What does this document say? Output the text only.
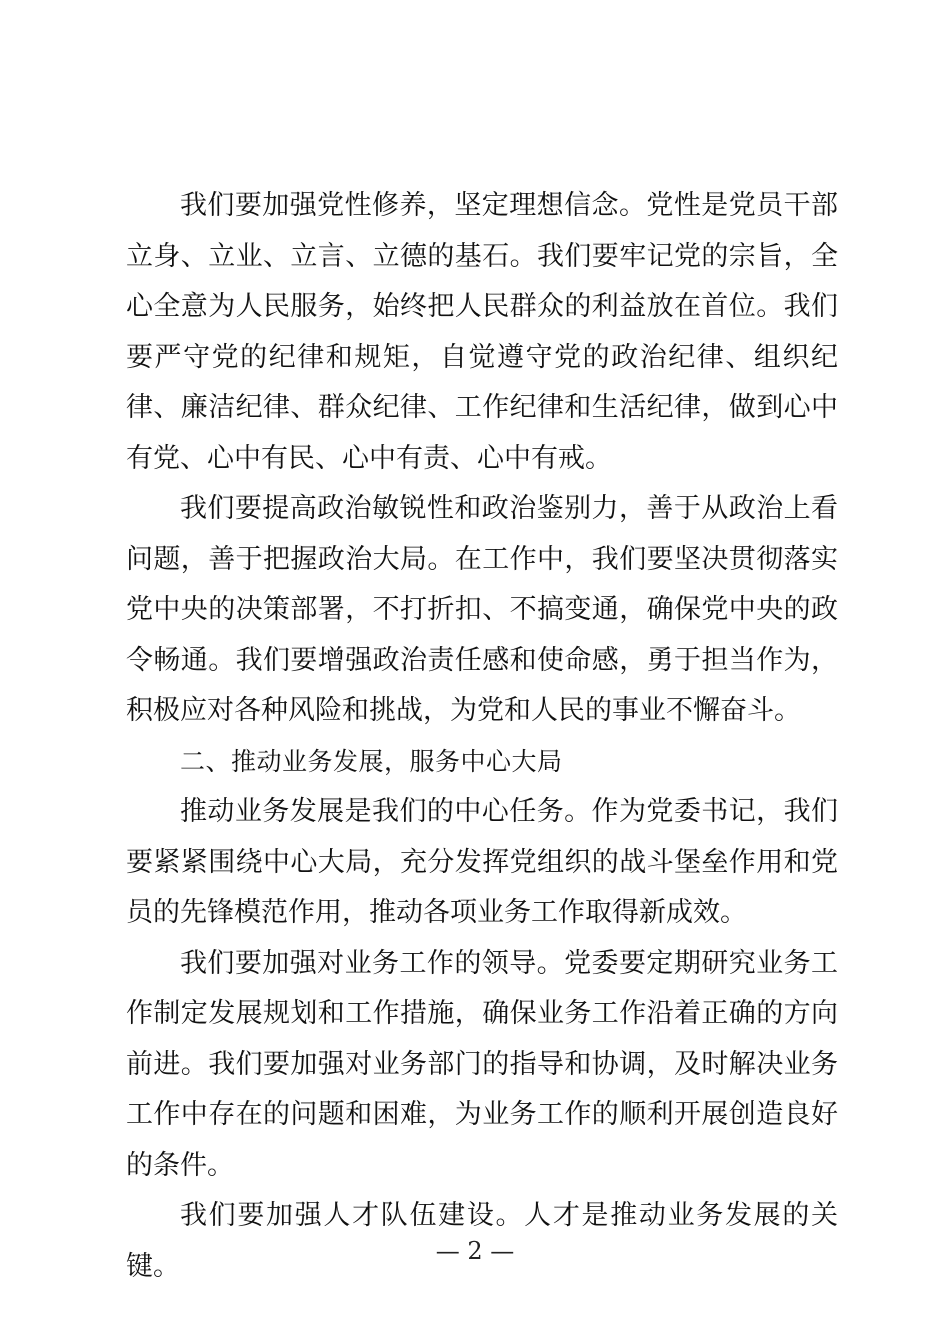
我们要加强党性修养，坚定理想信念。党性是党员干部立身、立业、立言、立德的基石。我们要牢记党的宗旨，全心全意为人民服务，始终把人民群众的利益放在首位。我们要严守党的纪律和规矩，自觉遵守党的政治纪律、组织纪律、廉洁纪律、群众纪律、工作纪律和生活纪律，做到心中有党、心中有民、心中有责、心中有戒。

我们要提高政治敏锐性和政治鉴别力，善于从政治上看问题，善于把握政治大局。在工作中，我们要坚决贯彻落实党中央的决策部署，不打折扣、不搞变通，确保党中央的政令畅通。我们要增强政治责任感和使命感，勇于担当作为，积极应对各种风险和挑战，为党和人民的事业不懈奋斗。

二、推动业务发展，服务中心大局

推动业务发展是我们的中心任务。作为党委书记，我们要紧紧围绕中心大局，充分发挥党组织的战斗堡垒作用和党员的先锋模范作用，推动各项业务工作取得新成效。

我们要加强对业务工作的领导。党委要定期研究业务工作制定发展规划和工作措施，确保业务工作沿着正确的方向前进。我们要加强对业务部门的指导和协调，及时解决业务工作中存在的问题和困难，为业务工作的顺利开展创造良好的条件。

我们要加强人才队伍建设。人才是推动业务发展的关键。	— 2 —
